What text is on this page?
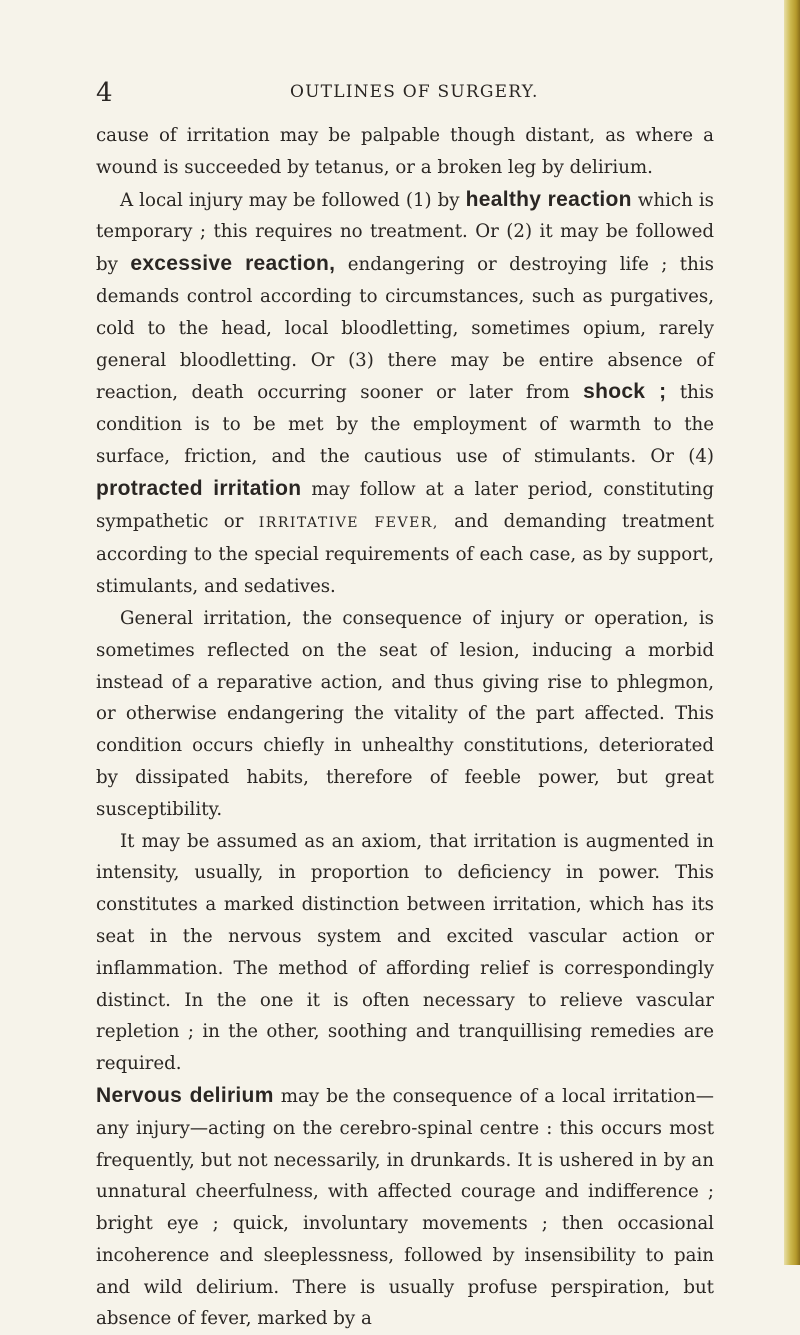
4	OUTLINES OF SURGERY.

cause of irritation may be palpable though distant, as where a wound is succeeded by tetanus, or a broken leg by delirium.

A local injury may be followed (1) by healthy reaction which is temporary ; this requires no treatment. Or (2) it may be followed by excessive reaction, endangering or destroying life ; this demands control according to circumstances, such as purgatives, cold to the head, local bloodletting, sometimes opium, rarely general bloodletting. Or (3) there may be entire absence of reaction, death occurring sooner or later from shock ; this condition is to be met by the employment of warmth to the surface, friction, and the cautious use of stimulants. Or (4) protracted irritation may follow at a later period, constituting sympathetic or IRRITATIVE FEVER, and demanding treatment according to the special requirements of each case, as by support, stimulants, and sedatives.

General irritation, the consequence of injury or operation, is sometimes reflected on the seat of lesion, inducing a morbid instead of a reparative action, and thus giving rise to phlegmon, or otherwise endangering the vitality of the part affected. This condition occurs chiefly in unhealthy constitutions, deteriorated by dissipated habits, therefore of feeble power, but great susceptibility.

It may be assumed as an axiom, that irritation is augmented in intensity, usually, in proportion to deficiency in power. This constitutes a marked distinction between irritation, which has its seat in the nervous system and excited vascular action or inflammation. The method of affording relief is correspondingly distinct. In the one it is often necessary to relieve vascular repletion ; in the other, soothing and tranquillising remedies are required.

Nervous delirium may be the consequence of a local irritation—any injury—acting on the cerebro-spinal centre : this occurs most frequently, but not necessarily, in drunkards. It is ushered in by an unnatural cheerfulness, with affected courage and indifference ; bright eye ; quick, involuntary movements ; then occasional incoherence and sleeplessness, followed by insensibility to pain and wild delirium. There is usually profuse perspiration, but absence of fever, marked by a
